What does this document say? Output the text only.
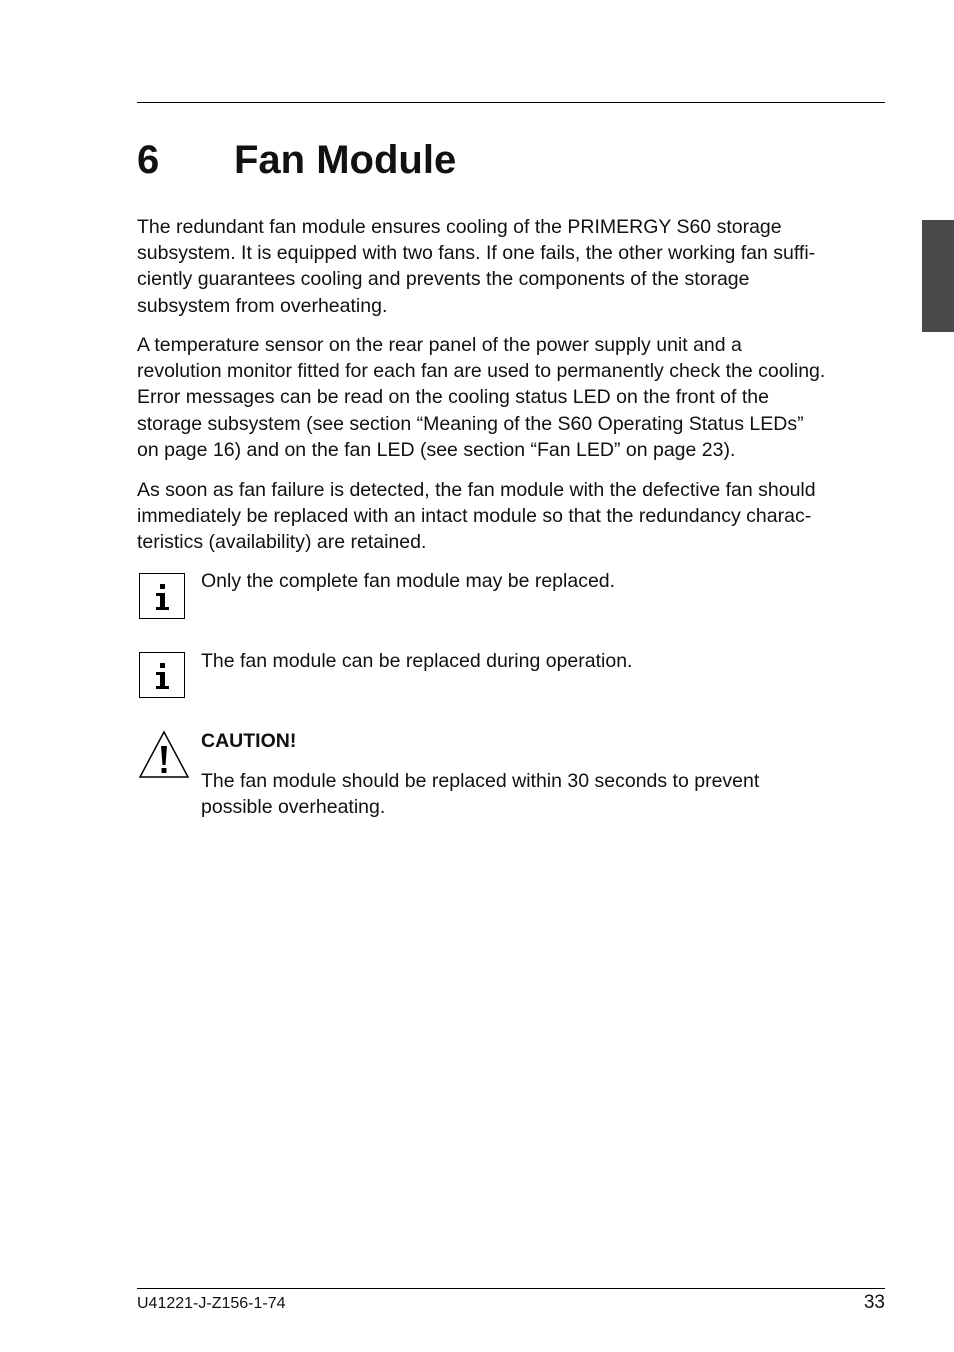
6 Fan Module

The redundant fan module ensures cooling of the PRIMERGY S60 storage
subsystem. It is equipped with two fans. If one fails, the other working fan suffi-
ciently guarantees cooling and prevents the components of the storage
subsystem from overheating.

A temperature sensor on the rear panel of the power supply unit and a
revolution monitor fitted for each fan are used to permanently check the cooling.
Error messages can be read on the cooling status LED on the front of the
storage subsystem (see section “Meaning of the S60 Operating Status LEDs”
on page 16) and on the fan LED (see section “Fan LED” on page 23).

As soon as fan failure is detected, the fan module with the defective fan should
immediately be replaced with an intact module so that the redundancy charac-
teristics (availability) are retained.

Only the complete fan module may be replaced.
The fan module can be replaced during operation.
CAUTION!
The fan module should be replaced within 30 seconds to prevent
possible overheating.
U41221-J-Z156-1-74	33
